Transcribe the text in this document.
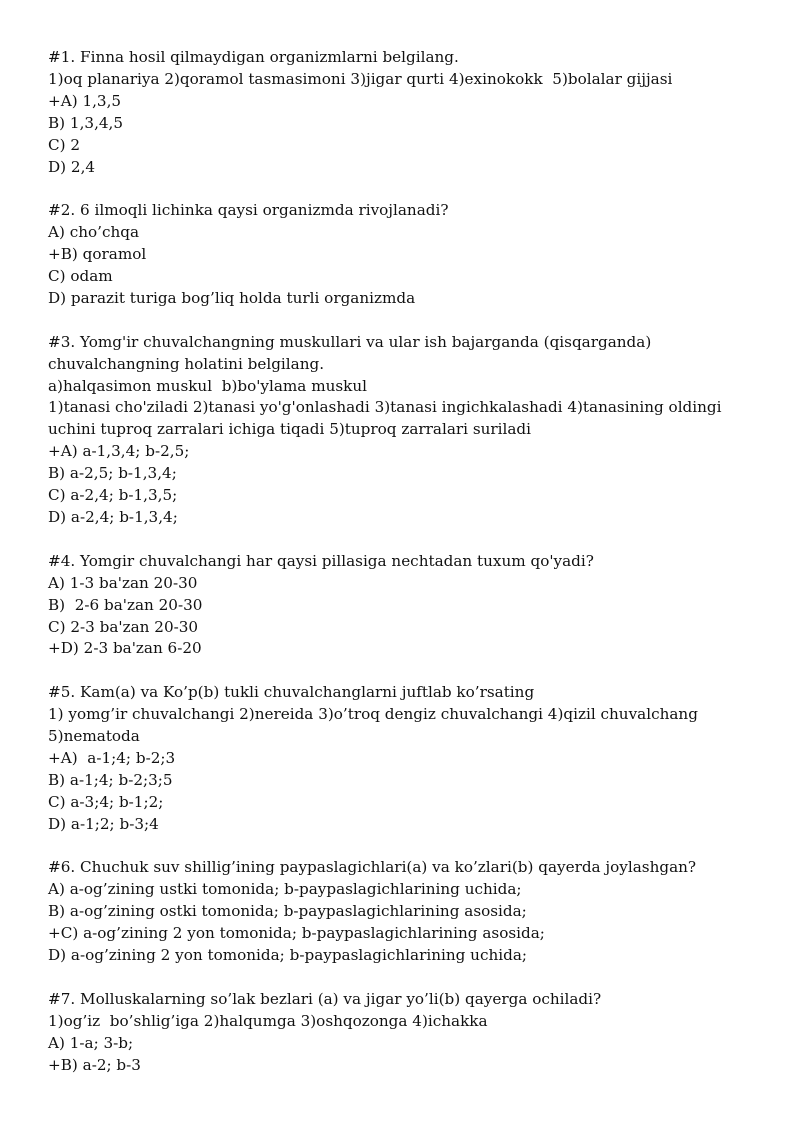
#1. Finna hosil qilmaydigan organizmlarni belgilang.
1)oq planariya 2)qoramol tasmasimoni 3)jigar qurti 4)exinokokk  5)bolalar gijjasi
+A) 1,3,5
B) 1,3,4,5
C) 2
D) 2,4
#2. 6 ilmoqli lichinka qaysi organizmda rivojlanadi?
A) cho’chqa
+B) qoramol
C) odam
D) parazit turiga bog’liq holda turli organizmda
#3. Yomg'ir chuvalchangning muskullari va ular ish bajarganda (qisqarganda)
chuvalchangning holatini belgilang.
a)halqasimon muskul  b)bo'ylama muskul
1)tanasi cho'ziladi 2)tanasi yo'g'onlashadi 3)tanasi ingichkalashadi 4)tanasining oldingi
uchini tuproq zarralari ichiga tiqadi 5)tuproq zarralari suriladi
+A) a-1,3,4; b-2,5;
B) a-2,5; b-1,3,4;
C) a-2,4; b-1,3,5;
D) a-2,4; b-1,3,4;
#4. Yomgir chuvalchangi har qaysi pillasiga nechtadan tuxum qo'yadi?
A) 1-3 ba'zan 20-30
B)  2-6 ba'zan 20-30
C) 2-3 ba'zan 20-30
+D) 2-3 ba'zan 6-20
#5. Kam(a) va Ko’p(b) tukli chuvalchanglarni juftlab ko’rsating
1) yomg’ir chuvalchangi 2)nereida 3)o’troq dengiz chuvalchangi 4)qizil chuvalchang
5)nematoda
+A)  a-1;4; b-2;3
B) a-1;4; b-2;3;5
C) a-3;4; b-1;2;
D) a-1;2; b-3;4
#6. Chuchuk suv shillig’ining paypaslagichlari(a) va ko’zlari(b) qayerda joylashgan?
A) a-og’zining ustki tomonida; b-paypaslagichlarining uchida;
B) a-og’zining ostki tomonida; b-paypaslagichlarining asosida;
+C) a-og’zining 2 yon tomonida; b-paypaslagichlarining asosida;
D) a-og’zining 2 yon tomonida; b-paypaslagichlarining uchida;
#7. Molluskalarning so’lak bezlari (a) va jigar yo’li(b) qayerga ochiladi?
1)og’iz  bo’shlig’iga 2)halqumga 3)oshqozonga 4)ichakka
A) 1-a; 3-b;
+B) a-2; b-3
